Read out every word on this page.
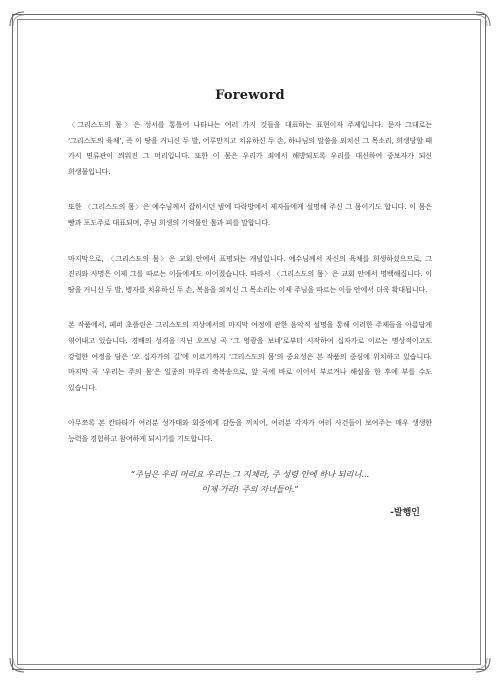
Foreword

〈그리스도의 몸〉은 성서를 통틀어 나타나는 여러 가지 것들을 대표하는 표현이자 주제입니다. 문자 그대로는 ‘그리스도의 육체’, 즉 이 땅을 거니신 두 발, 어루만지고 치유하신 두 손, 하나님의 말씀을 외치신 그 목소리, 희생당할 때 가시 면류관이 씌워진 그 머리입니다. 또한 이 몸은 우리가 죄에서 해방되도록 우리를 대신하여 중보자가 되신 희생물입니다.

또한 〈그리스도의 몸〉은 예수님께서 잡히시던 밤에 다락방에서 제자들에게 설명해 주신 그 몸이기도 합니다. 이 몸은 빵과 포도주로 대표되며, 주님 희생의 기억물인 몸과 피를 말합니다.

마지막으로, 〈그리스도의 몸〉은 교회 안에서 표명되는 개념입니다. 예수님께서 자신의 육체를 희생하셨으므로, 그 진리와 사명은 이제 그를 따르는 이들에게도 이어졌습니다. 따라서 〈그리스도의 몸〉은 교회 안에서 명백해집니다. 이 땅을 거니신 두 발, 병자를 치유하신 두 손, 복음을 외치신 그 목소리는 이제 주님을 따르는 이들 안에서 더욱 확대됩니다.

본 작품에서, 페퍼 초플린은 그리스도의 지상에서의 마지막 여정에 관한 음악적 설명을 통해 이러한 주제들을 아름답게 엮어내고 있습니다. 경배의 성격을 지닌 오프닝 곡 ‘그 영광을 보네’로부터 시작하여 십자가로 이르는 명상적이고도 강렬한 여정을 담은 ‘오 십자가의 길’에 이르기까지 ‘그리스도의 몸’의 중요성은 본 작품의 중심에 위치하고 있습니다. 마지막 곡 ‘우리는 주의 몸’은 일종의 마무리 축복송으로, 앞 곡에 바로 이어서 부르거나 해설을 한 후에 부를 수도 있습니다.

아무쪼록 본 칸타타가 여러분 성가대와 회중에게 감동을 끼치어, 여러분 각자가 여러 사건들이 보여주는 매우 생생한 능력을 경험하고 참여하게 되시기를 기도합니다.

“주님은 우리 머리요 우리는 그 지체라, 주 성령 안에 하나 되리니...
이제 가라! 주의 자녀들아.”
-발행인
